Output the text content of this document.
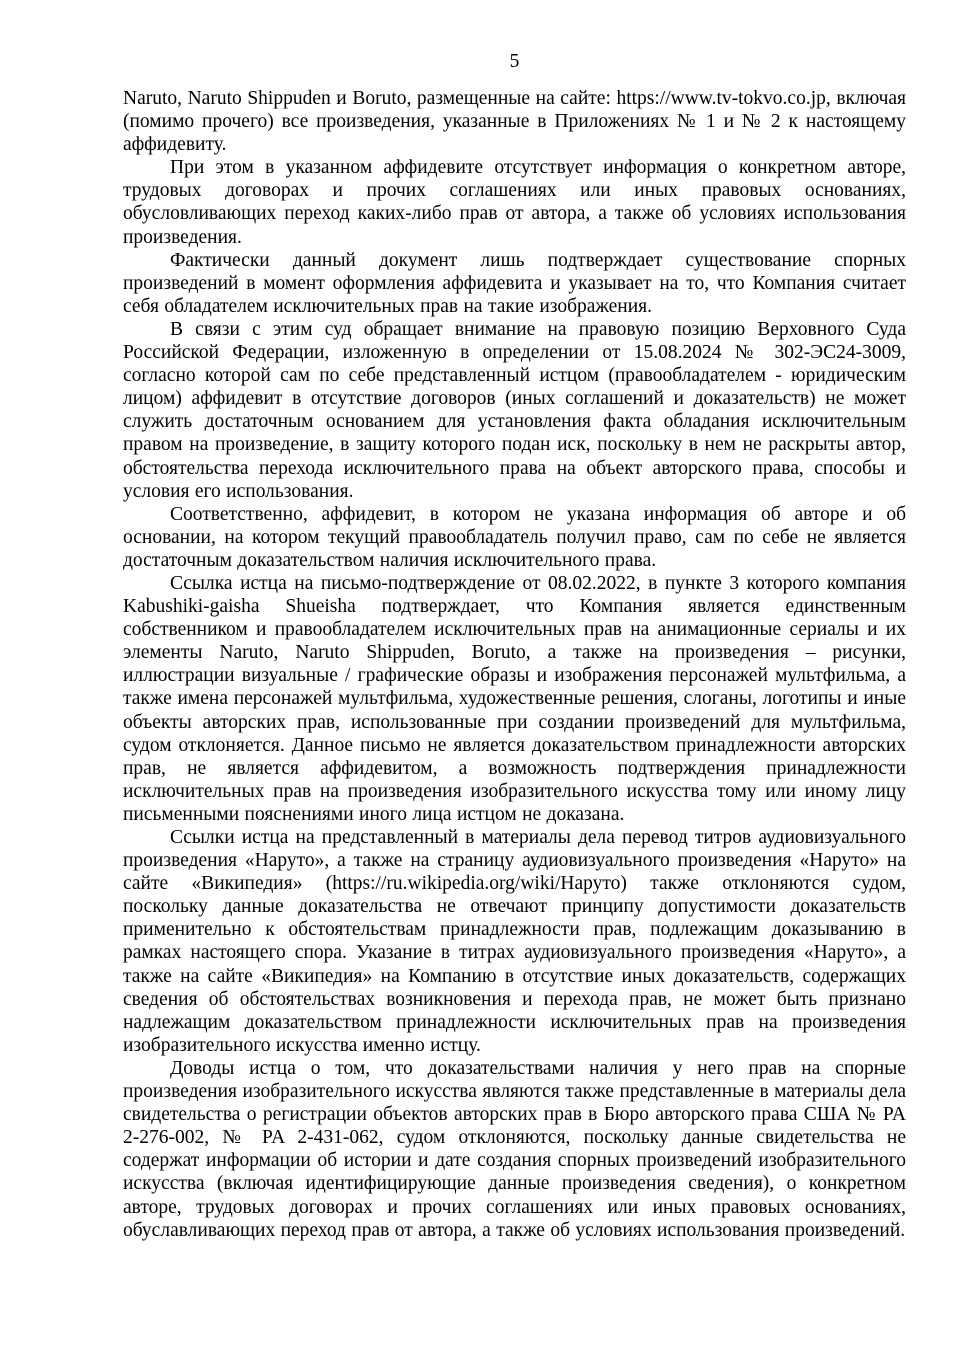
5

Naruto, Naruto Shippuden и Boruto, размещенные на сайте: https://www.tv-tokvo.co.jp, включая (помимо прочего) все произведения, указанные в Приложениях № 1 и № 2 к настоящему аффидевиту.

При этом в указанном аффидевите отсутствует информация о конкретном авторе, трудовых договорах и прочих соглашениях или иных правовых основаниях, обусловливающих переход каких-либо прав от автора, а также об условиях использования произведения.

Фактически данный документ лишь подтверждает существование спорных произведений в момент оформления аффидевита и указывает на то, что Компания считает себя обладателем исключительных прав на такие изображения.

В связи с этим суд обращает внимание на правовую позицию Верховного Суда Российской Федерации, изложенную в определении от 15.08.2024 № 302-ЭС24-3009, согласно которой сам по себе представленный истцом (правообладателем - юридическим лицом) аффидевит в отсутствие договоров (иных соглашений и доказательств) не может служить достаточным основанием для установления факта обладания исключительным правом на произведение, в защиту которого подан иск, поскольку в нем не раскрыты автор, обстоятельства перехода исключительного права на объект авторского права, способы и условия его использования.

Соответственно, аффидевит, в котором не указана информация об авторе и об основании, на котором текущий правообладатель получил право, сам по себе не является достаточным доказательством наличия исключительного права.

Ссылка истца на письмо-подтверждение от 08.02.2022, в пункте 3 которого компания Kabushiki-gaisha Shueisha подтверждает, что Компания является единственным собственником и правообладателем исключительных прав на анимационные сериалы и их элементы Naruto, Naruto Shippuden, Boruto, а также на произведения – рисунки, иллюстрации визуальные / графические образы и изображения персонажей мультфильма, а также имена персонажей мультфильма, художественные решения, слоганы, логотипы и иные объекты авторских прав, использованные при создании произведений для мультфильма, судом отклоняется. Данное письмо не является доказательством принадлежности авторских прав, не является аффидевитом, а возможность подтверждения принадлежности исключительных прав на произведения изобразительного искусства тому или иному лицу письменными пояснениями иного лица истцом не доказана.

Ссылки истца на представленный в материалы дела перевод титров аудиовизуального произведения «Наруто», а также на страницу аудиовизуального произведения «Наруто» на сайте «Википедия» (https://ru.wikipedia.org/wiki/Наруто) также отклоняются судом, поскольку данные доказательства не отвечают принципу допустимости доказательств применительно к обстоятельствам принадлежности прав, подлежащим доказыванию в рамках настоящего спора. Указание в титрах аудиовизуального произведения «Наруто», а также на сайте «Википедия» на Компанию в отсутствие иных доказательств, содержащих сведения об обстоятельствах возникновения и перехода прав, не может быть признано надлежащим доказательством принадлежности исключительных прав на произведения изобразительного искусства именно истцу.

Доводы истца о том, что доказательствами наличия у него прав на спорные произведения изобразительного искусства являются также представленные в материалы дела свидетельства о регистрации объектов авторских прав в Бюро авторского права США № PA 2-276-002, № PA 2-431-062, судом отклоняются, поскольку данные свидетельства не содержат информации об истории и дате создания спорных произведений изобразительного искусства (включая идентифицирующие данные произведения сведения), о конкретном авторе, трудовых договорах и прочих соглашениях или иных правовых основаниях, обуславливающих переход прав от автора, а также об условиях использования произведений.
